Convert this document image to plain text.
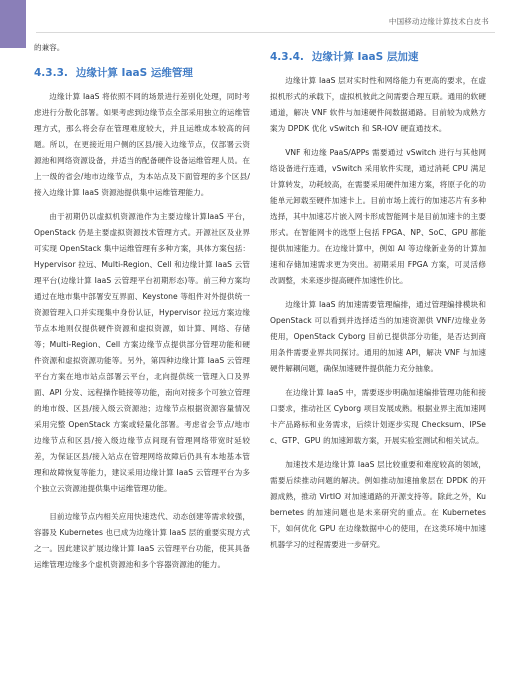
中国移动边缘计算技术白皮书

的兼容。

4.3.3. 边缘计算 IaaS 运维管理

边缘计算 IaaS 将依照不同的场景进行差别化处理，同时考虑进行分散化部署。如果考虑到边缘节点全部采用独立的运维管理方式，那么将会存在管理难度较大，并且运维成本较高的问题。所以，在更接近用户侧的区县/接入边缘节点，仅部署云资源池和网络资源设备，并适当的配备硬件设备运维管理人员。在上一级的省会/地市边缘节点，为本站点及下面管理的多个区县/接入边缘计算 IaaS 资源池提供集中运维管理能力。

由于初期仍以虚拟机资源池作为主要边缘计算IaaS 平台，OpenStack 仍是主要虚拟资源技术管理方式。开源社区及业界可实现 OpenStack 集中运维管理有多种方案，具体方案包括：Hypervisor 拉远、Multi-Region、Cell 和边缘计算 IaaS 云管理平台(边缘计算 IaaS 云管理平台初期形态)等。前三种方案均通过在地市集中部署安互界面、Keystone 等组件对外提供统一资源管理入口并实现集中身份认证，Hypervisor 拉远方案边缘节点本地则仅提供硬件资源和虚拟资源，如计算、网络、存储等；Multi-Region、Cell 方案边缘节点提供部分管理功能和硬件资源和虚拟资源功能等。另外，第四种边缘计算 IaaS 云管理平台方案在地市站点部署云平台，北向提供统一管理入口及界面、API 分发、远程操作链接等功能，南向对接多个可独立管理的地市级、区县/接入级云资源池；边缘节点根据资源容量情况采用完整 OpenStack 方案或轻量化部署。考虑省会节点/地市边缘节点和区县/接入级边缘节点间现有管理网络带宽时延较差，为保证区县/接入站点在管理网络故障后仍具有本地基本管理和故障恢复等能力，建议采用边缘计算 IaaS 云管理平台为多个独立云资源池提供集中运维管理功能。

目前边缘节点内相关应用快速迭代、动态创建等需求较强，容器及 Kubernetes 也已成为边缘计算 IaaS 层的重要实现方式之一。因此建议扩展边缘计算 IaaS 云管理平台功能，使其具备运维管理边缘多个虚机资源池和多个容器资源池的能力。

4.3.4. 边缘计算 IaaS 层加速

边缘计算 IaaS 层对实时性和网络能力有更高的要求，在虚拟机形式的承载下，虚拟机彼此之间需要合理互联。通用的软硬通道，解决 VNF 软件与加速硬件间数据通路。目前较为成熟方案为 DPDK 优化 vSwitch 和 SR-IOV 硬直通技术。

VNF 和边缘 PaaS/APPs 需要通过 vSwitch 进行与其他网络设备进行连通，vSwitch 采用软件实现，通过消耗 CPU 满足计算转发，功耗较高，在需要采用硬件加速方案，将原子化的功能单元卸载至硬件加速卡上。目前市场上流行的加速芯片有多种选择，其中加速芯片嵌入网卡形成智能网卡是目前加速卡的主要形式。在智能网卡的选型上包括 FPGA、NP、SoC、GPU 都能提供加速能力。在边缘计算中，例如 AI 等边缘新业务的计算加速和存储加速需求更为突出。初期采用 FPGA 方案，可灵活修改调整，未来逐步提高硬件加速性价比。

边缘计算 IaaS 的加速需要管理编排，通过管理编排模块和 OpenStack 可以看到并选择适当的加速资源供 VNF/边缘业务使用，OpenStack Cyborg 目前已提供部分功能，是否达到商用条件需要业界共同探讨。通用的加速 API，解决 VNF 与加速硬件解耦问题，确保加速硬件提供能力充分抽象。

在边缘计算 IaaS 中，需要逐步明确加速编排管理功能和接口要求，推动社区 Cyborg 项目发展成熟。根据业界主流加速网卡产品路标和业务需求，后续计划逐步实现 Checksum、IPSec、GTP、GPU 的加速卸载方案，开展实验室测试和相关试点。

加速技术是边缘计算 IaaS 层比较重要和难度较高的领域，需要后续推动问题的解决。例如推动加速抽象层在 DPDK 的开源成熟，推动 VirtIO 对加速通路的开源支持等。除此之外，Kubernetes 的加速问题也是未来研究的重点。在 Kubernetes 下，如何优化 GPU 在边缘数据中心的使用，在这类环境中加速机器学习的过程需要进一步研究。
